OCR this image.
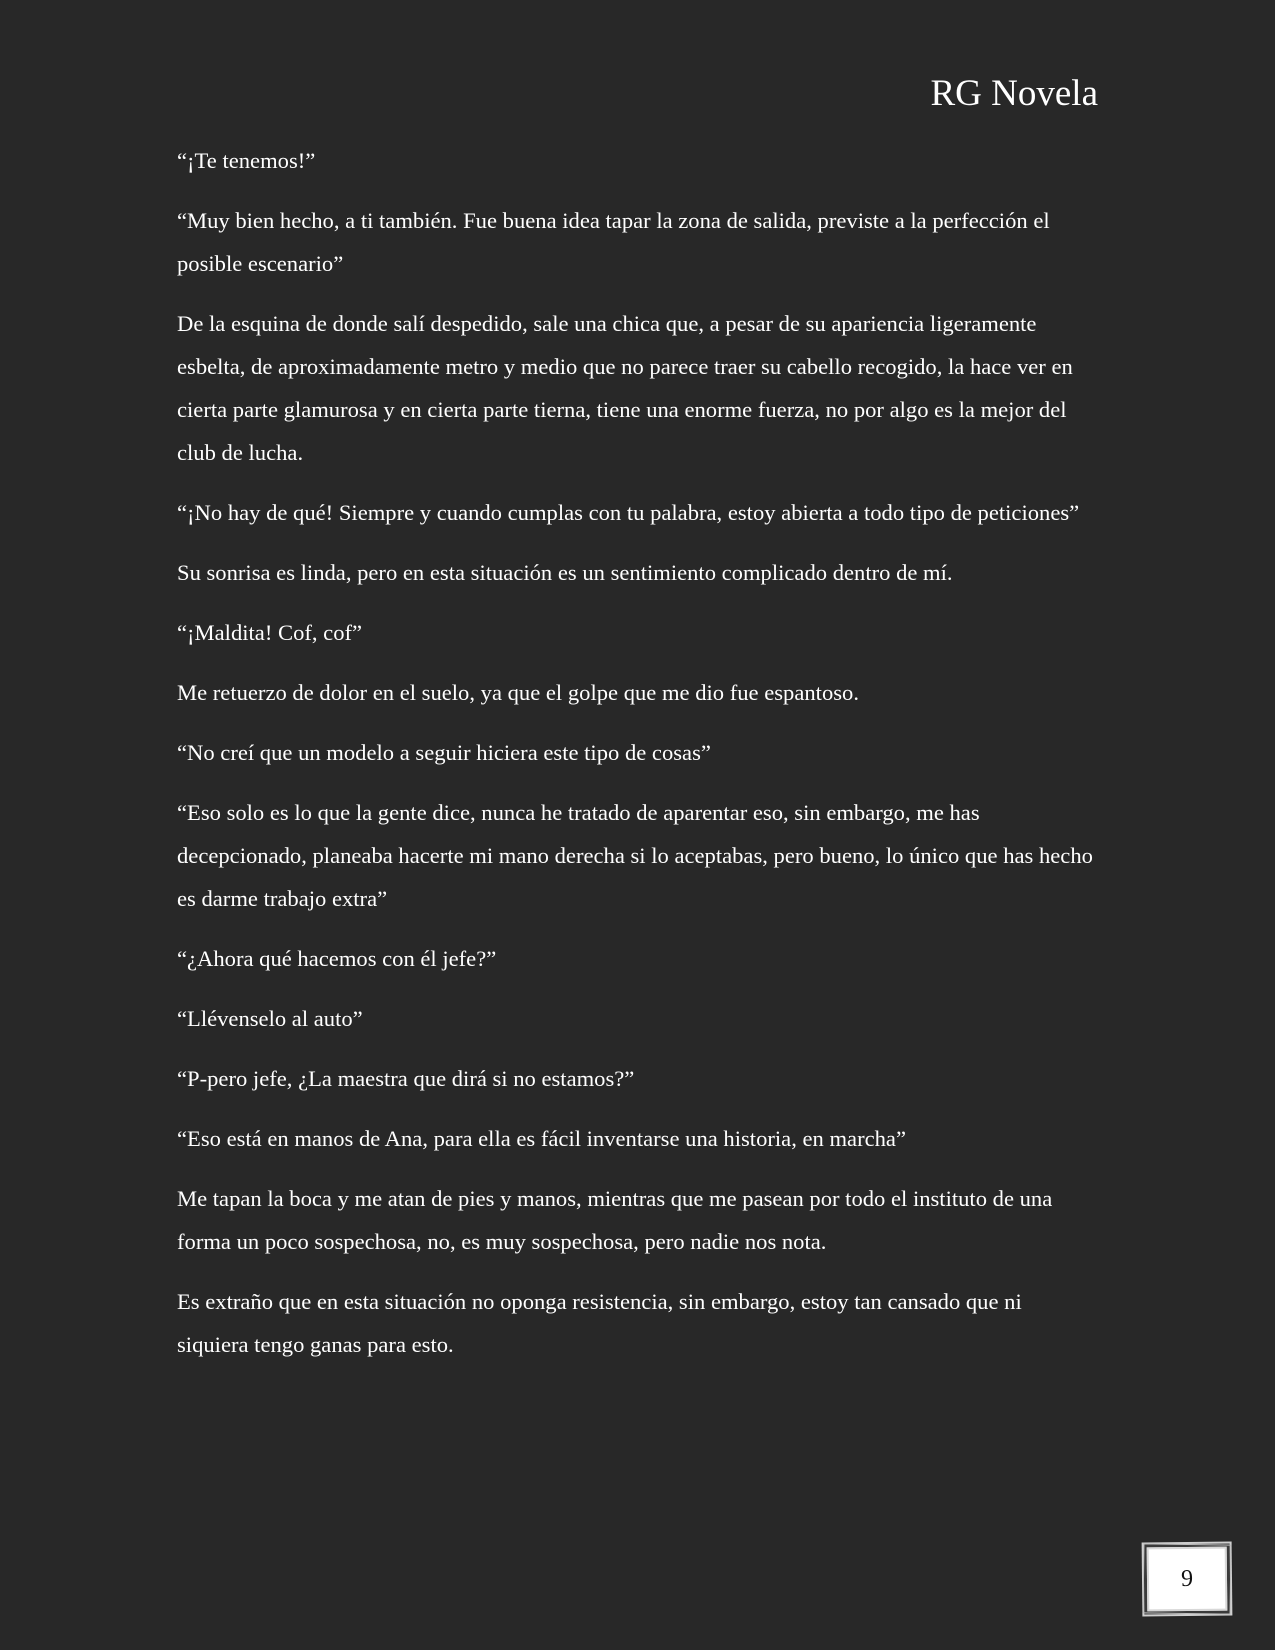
RG Novela

“¡Te tenemos!”

“Muy bien hecho, a ti también. Fue buena idea tapar la zona de salida, previste a la perfección el posible escenario”

De la esquina de donde salí despedido, sale una chica que, a pesar de su apariencia ligeramente esbelta, de aproximadamente metro y medio que no parece traer su cabello recogido, la hace ver en cierta parte glamurosa y en cierta parte tierna, tiene una enorme fuerza, no por algo es la mejor del club de lucha.

“¡No hay de qué! Siempre y cuando cumplas con tu palabra, estoy abierta a todo tipo de peticiones”

Su sonrisa es linda, pero en esta situación es un sentimiento complicado dentro de mí.

“¡Maldita! Cof, cof”

Me retuerzo de dolor en el suelo, ya que el golpe que me dio fue espantoso.

“No creí que un modelo a seguir hiciera este tipo de cosas”

“Eso solo es lo que la gente dice, nunca he tratado de aparentar eso, sin embargo, me has decepcionado, planeaba hacerte mi mano derecha si lo aceptabas, pero bueno, lo único que has hecho es darme trabajo extra”

“¿Ahora qué hacemos con él jefe?”

“Llévenselo al auto”

“P-pero jefe, ¿La maestra que dirá si no estamos?”

“Eso está en manos de Ana, para ella es fácil inventarse una historia, en marcha”

Me tapan la boca y me atan de pies y manos, mientras que me pasean por todo el instituto de una forma un poco sospechosa, no, es muy sospechosa, pero nadie nos nota.

Es extraño que en esta situación no oponga resistencia, sin embargo, estoy tan cansado que ni siquiera tengo ganas para esto.

9
